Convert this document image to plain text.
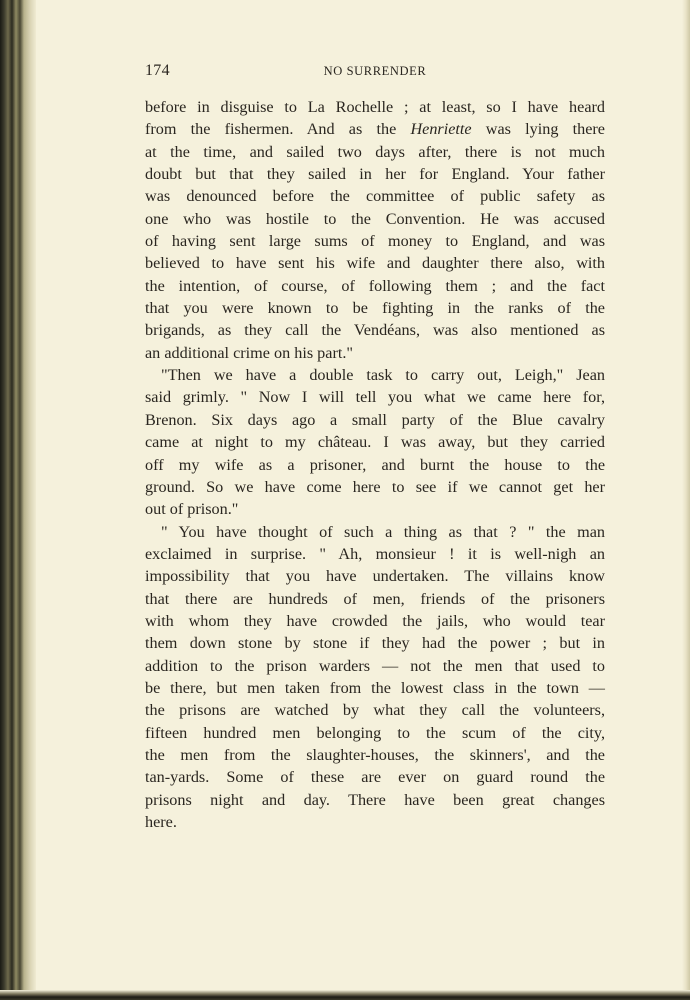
174	NO SURRENDER
before in disguise to La Rochelle ; at least, so I have heard
from the fishermen. And as the Henriette was lying there
at the time, and sailed two days after, there is not much
doubt but that they sailed in her for England. Your father
was denounced before the committee of public safety as
one who was hostile to the Convention. He was accused
of having sent large sums of money to England, and was
believed to have sent his wife and daughter there also, with
the intention, of course, of following them ; and the fact
that you were known to be fighting in the ranks of the
brigands, as they call the Vendéans, was also mentioned as
an additional crime on his part."
"Then we have a double task to carry out, Leigh," Jean
said grimly. " Now I will tell you what we came here for,
Brenon. Six days ago a small party of the Blue cavalry
came at night to my château. I was away, but they carried
off my wife as a prisoner, and burnt the house to the
ground. So we have come here to see if we cannot get her
out of prison."
" You have thought of such a thing as that ? " the man
exclaimed in surprise. " Ah, monsieur ! it is well-nigh an
impossibility that you have undertaken. The villains know
that there are hundreds of men, friends of the prisoners
with whom they have crowded the jails, who would tear
them down stone by stone if they had the power ; but in
addition to the prison warders — not the men that used to
be there, but men taken from the lowest class in the town —
the prisons are watched by what they call the volunteers,
fifteen hundred men belonging to the scum of the city,
the men from the slaughter-houses, the skinners', and the
tan-yards. Some of these are ever on guard round the
prisons night and day. There have been great changes
here.
